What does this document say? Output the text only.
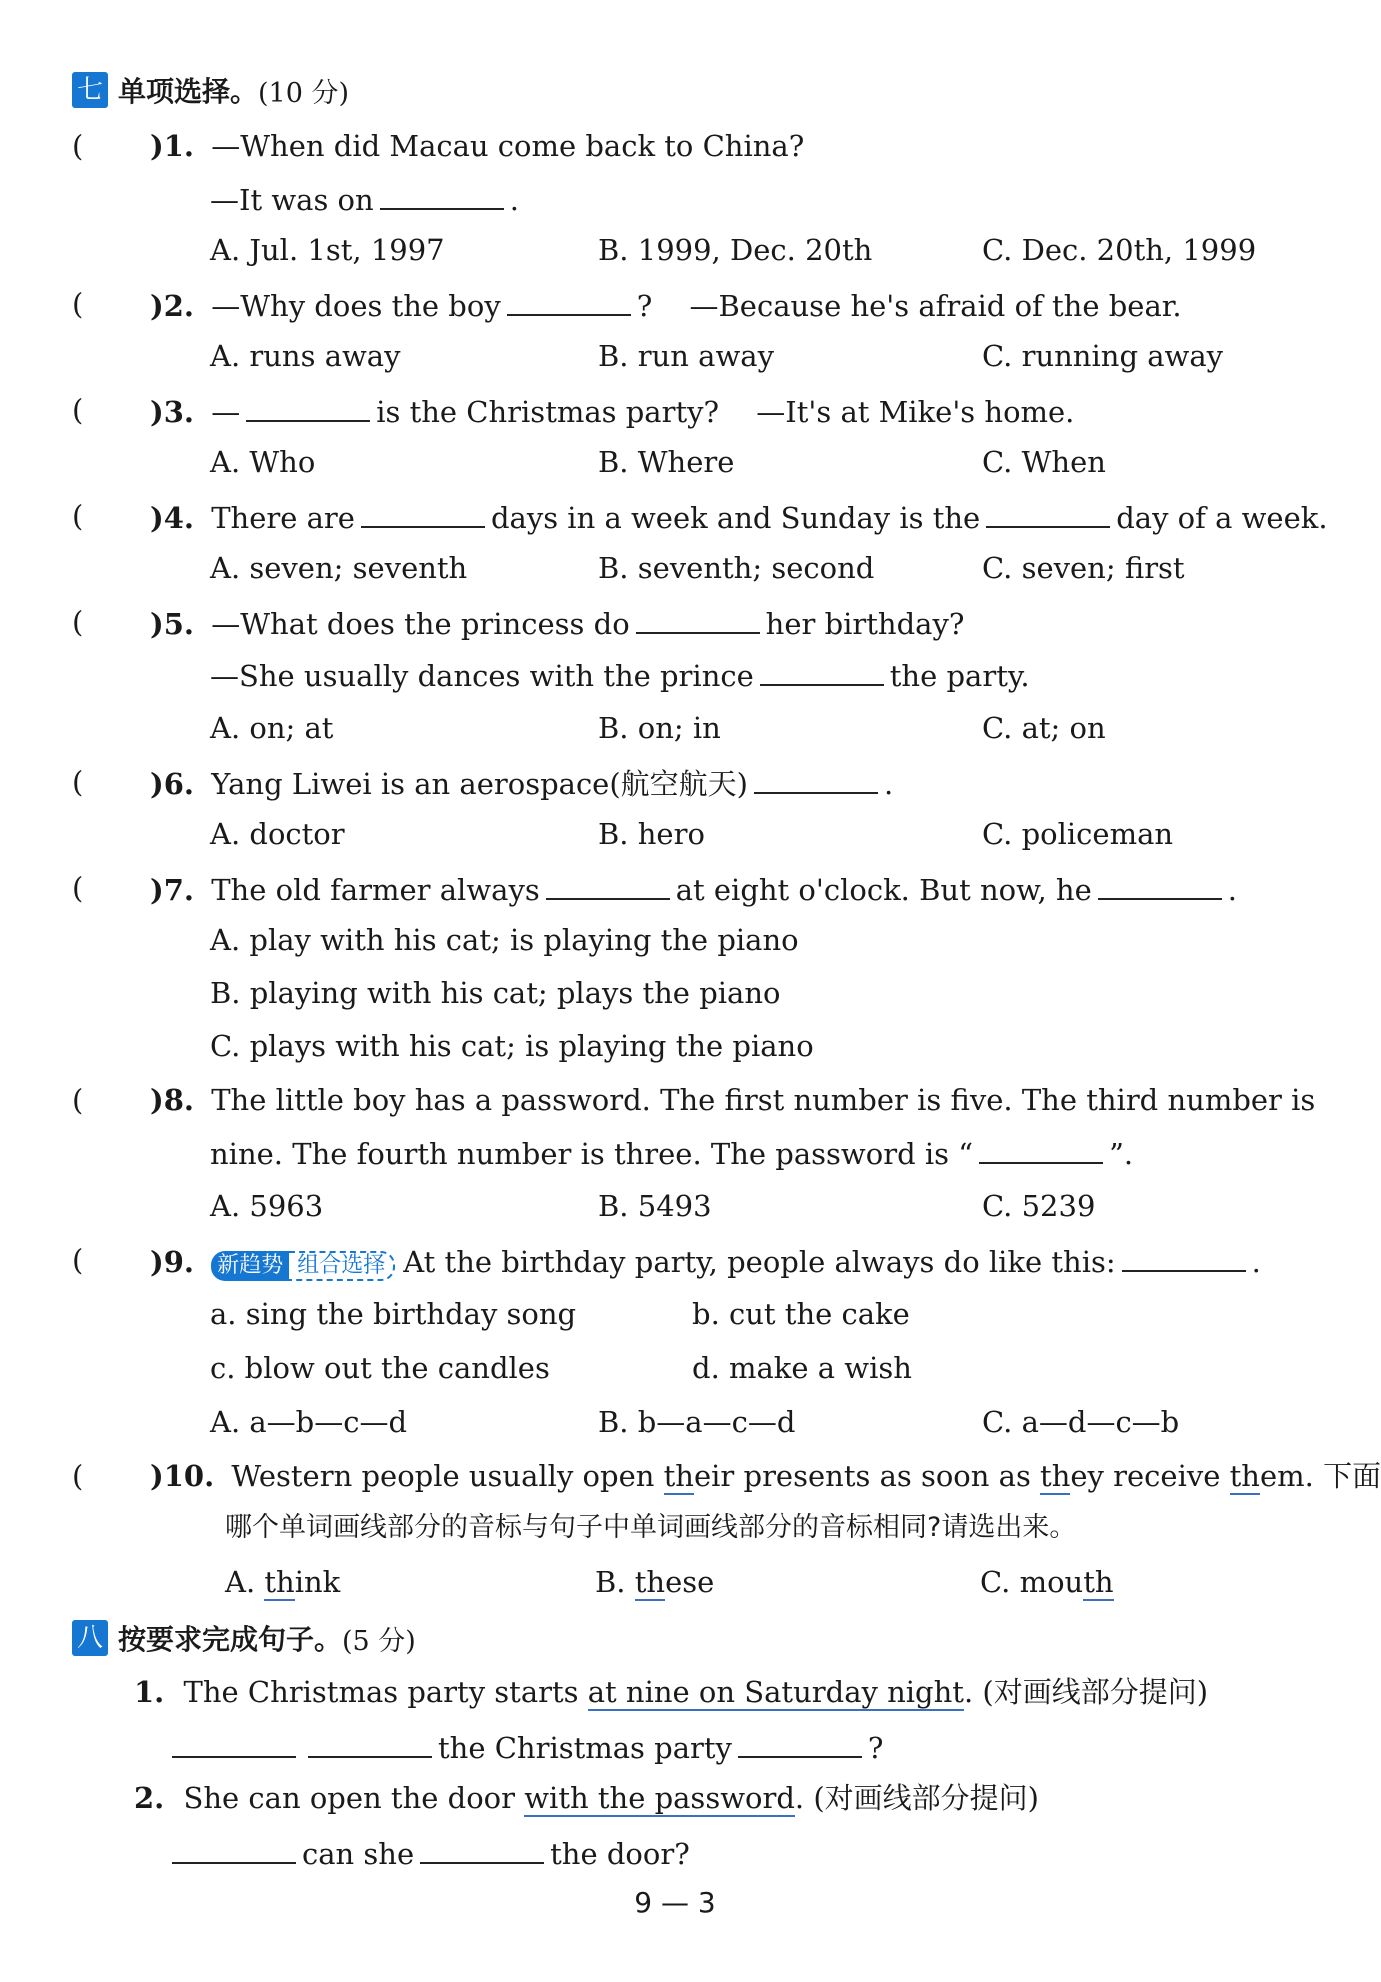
七 单项选择。 (10 分)
( )1. —When did Macau come back to China?
—It was on	.
A. Jul. 1st, 1997	B. 1999, Dec. 20th	C. Dec. 20th, 1999
( )2. —Why does the boy	? —Because he's afraid of the bear.
A. runs away	B. run away	C. running away
( )3. —	is the Christmas party? —It's at Mike's home.
A. Who	B. Where	C. When
( )4. There are	days in a week and Sunday is the	day of a week.
A. seven; seventh	B. seventh; second	C. seven; first
( )5. —What does the princess do	her birthday?
—She usually dances with the prince	the party.
A. on; at	B. on; in	C. at; on
( )6. Yang Liwei is an aerospace(航空航天)	.
A. doctor	B. hero	C. policeman
( )7. The old farmer always	at eight o'clock. But now, he	.
A. play with his cat; is playing the piano
B. playing with his cat; plays the piano
C. plays with his cat; is playing the piano
( )8. The little boy has a password. The first number is five. The third number is
nine. The fourth number is three. The password is “	”.
A. 5963	B. 5493	C. 5239
( )9. 新趋势 组合选择 At the birthday party, people always do like this:	.
a. sing the birthday song	b. cut the cake
c. blow out the candles	d. make a wish
A. a—b—c—d	B. b—a—c—d	C. a—d—c—b
( )10. Western people usually open their presents as soon as they receive them. 下面
哪个单词画线部分的音标与句子中单词画线部分的音标相同?请选出来。
A. think	B. these	C. mouth
八 按要求完成句子。 (5 分)
1. The Christmas party starts at nine on Saturday night. (对画线部分提问)
the Christmas party	?
2. She can open the door with the password. (对画线部分提问)
can she	the door?
9 — 3
